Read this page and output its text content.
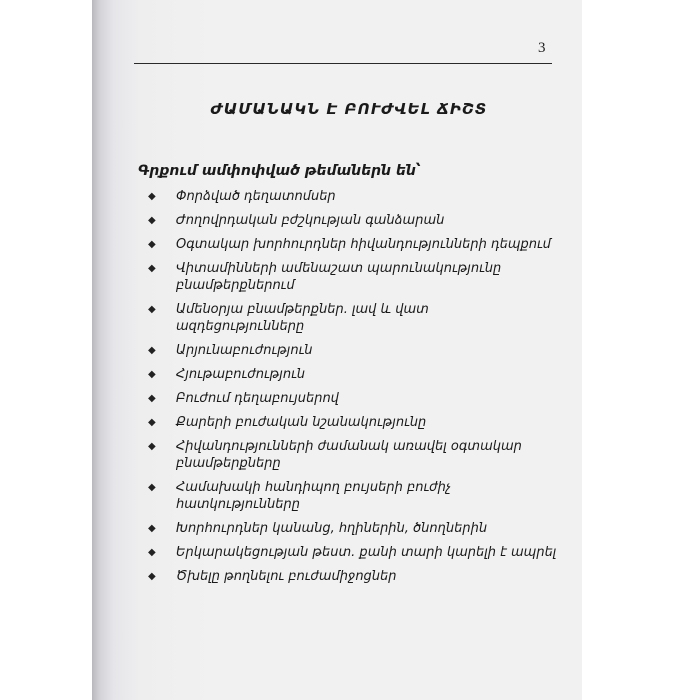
3
ԺԱՄԱՆԱԿՆ Է ԲՈՒԺՎԵԼ ՃԻՇՏ
Գրքում ամփոփված թեմաներն են՝
◆ Փորձված դեղատոմսեր
◆ Ժողովրդական բժշկության գանձարան
◆ Օգտակար խորհուրդներ հիվանդությունների դեպքում
◆ Վիտամինների ամենաշատ պարունակությունը
բնամթերքներում
◆ Ամենօրյա բնամթերքներ. լավ և վատ ազդեցությունները
◆ Արյունաբուժություն
◆ Հյութաբուժություն
◆ Բուժում դեղաբույսերով
◆ Քարերի բուժական նշանակությունը
◆ Հիվանդությունների ժամանակ առավել օգտակար
բնամթերքները
◆ Համախակի հանդիպող բույսերի բուժիչ հատկությունները
◆ Խորհուրդներ կանանց, հղիներին, ծնողներին
◆ Երկարակեցության թեստ. քանի տարի կարելի է ապրել
◆ Ծխելը թողնելու բուժամիջոցներ
